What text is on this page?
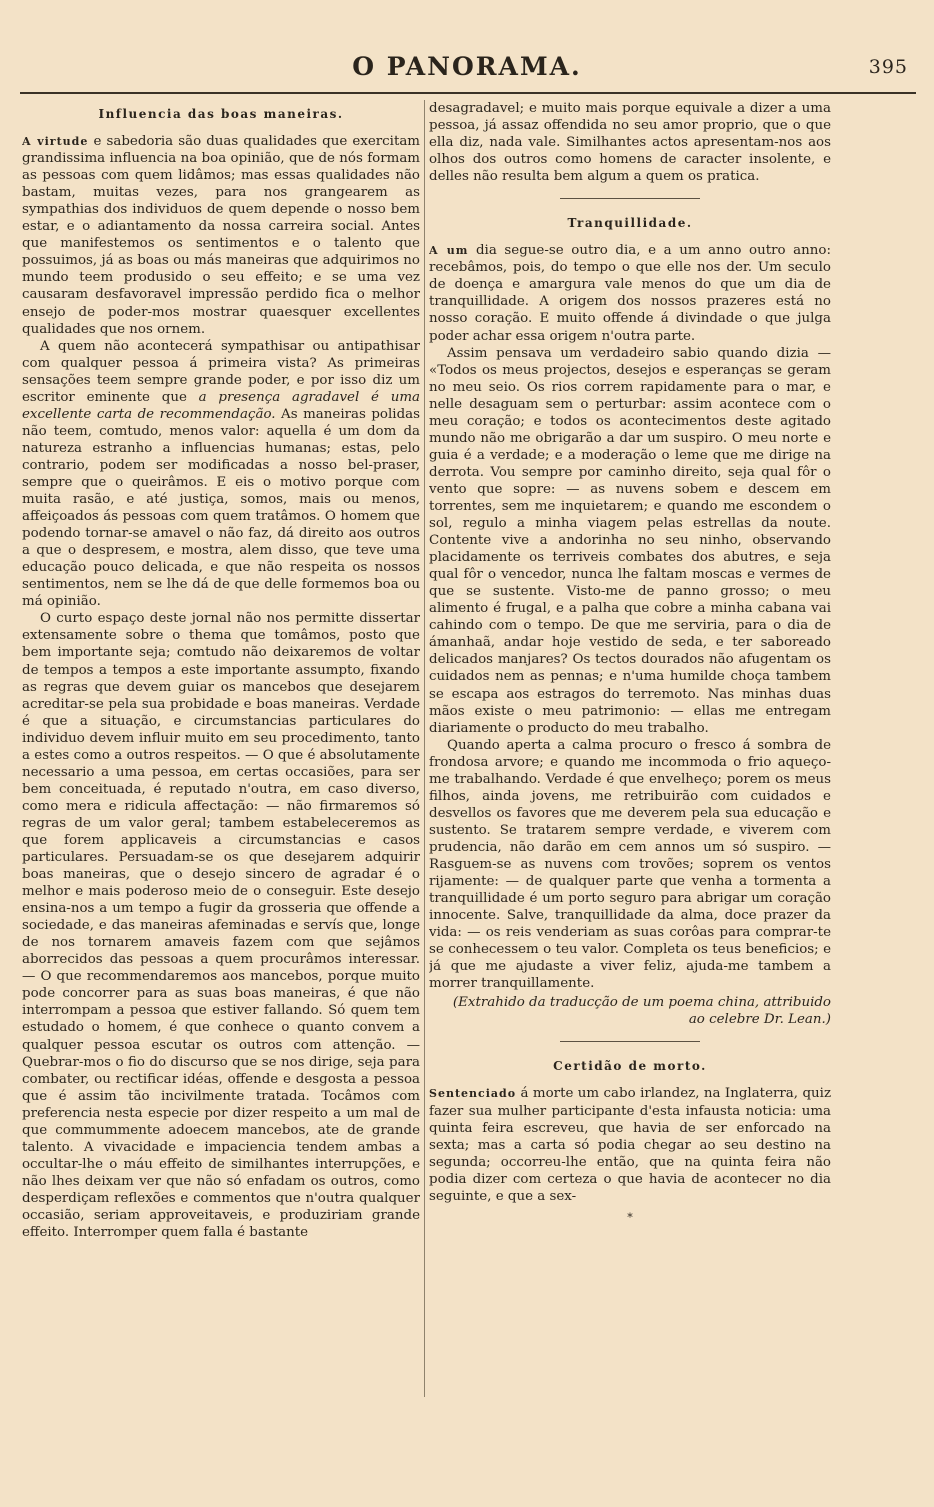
O PANORAMA.	395
Influencia das boas maneiras.

A virtude e sabedoria são duas qualidades que exercitam grandissima influencia na boa opinião, que de nós formam as pessoas com quem lidâmos; mas essas qualidades não bastam, muitas vezes, para nos grangearem as sympathias dos individuos de quem depende o nosso bem estar, e o adiantamento da nossa carreira social. Antes que manifestemos os sentimentos e o talento que possuimos, já as boas ou más maneiras que adquirimos no mundo teem produsido o seu effeito; e se uma vez causaram desfavoravel impressão perdido fica o melhor ensejo de poder-mos mostrar quaesquer excellentes qualidades que nos ornem.

A quem não acontecerá sympathisar ou antipathisar com qualquer pessoa á primeira vista? As primeiras sensações teem sempre grande poder, e por isso diz um escritor eminente que a presença agradavel é uma excellente carta de recommendação. As maneiras polidas não teem, comtudo, menos valor: aquella é um dom da natureza estranho a influencias humanas; estas, pelo contrario, podem ser modificadas a nosso bel-praser, sempre que o queirâmos. E eis o motivo porque com muita rasão, e até justiça, somos, mais ou menos, affeiçoados ás pessoas com quem tratâmos. O homem que podendo tornar-se amavel o não faz, dá direito aos outros a que o despresem, e mostra, alem disso, que teve uma educação pouco delicada, e que não respeita os nossos sentimentos, nem se lhe dá de que delle formemos boa ou má opinião.

O curto espaço deste jornal não nos permitte dissertar extensamente sobre o thema que tomâmos, posto que bem importante seja; comtudo não deixaremos de voltar de tempos a tempos a este importante assumpto, fixando as regras que devem guiar os mancebos que desejarem acreditar-se pela sua probidade e boas maneiras. Verdade é que a situação, e circumstancias particulares do individuo devem influir muito em seu procedimento, tanto a estes como a outros respeitos. — O que é absolutamente necessario a uma pessoa, em certas occasiões, para ser bem conceituada, é reputado n'outra, em caso diverso, como mera e ridicula affectação: — não firmaremos só regras de um valor geral; tambem estabeleceremos as que forem applicaveis a circumstancias e casos particulares. Persuadam-se os que desejarem adquirir boas maneiras, que o desejo sincero de agradar é o melhor e mais poderoso meio de o conseguir. Este desejo ensina-nos a um tempo a fugir da grosseria que offende a sociedade, e das maneiras afeminadas e servís que, longe de nos tornarem amaveis fazem com que sejâmos aborrecidos das pessoas a quem procurâmos interessar. — O que recommendaremos aos mancebos, porque muito pode concorrer para as suas boas maneiras, é que não interrompam a pessoa que estiver fallando. Só quem tem estudado o homem, é que conhece o quanto convem a qualquer pessoa escutar os outros com attenção. — Quebrar-mos o fio do discurso que se nos dirige, seja para combater, ou rectificar idéas, offende e desgosta a pessoa que é assim tão incivilmente tratada. Tocâmos com preferencia nesta especie por dizer respeito a um mal de que commummente adoecem mancebos, ate de grande talento. A vivacidade e impaciencia tendem ambas a occultar-lhe o máu effeito de similhantes interrupções, e não lhes deixam ver que não só enfadam os outros, como desperdiçam reflexões e commentos que n'outra qualquer occasião, seriam approveitaveis, e produziriam grande effeito. Interromper quem falla é bastante

desagradavel; e muito mais porque equivale a dizer a uma pessoa, já assaz offendida no seu amor proprio, que o que ella diz, nada vale. Similhantes actos apresentam-nos aos olhos dos outros como homens de caracter insolente, e delles não resulta bem algum a quem os pratica.

Tranquillidade.

A um dia segue-se outro dia, e a um anno outro anno: recebâmos, pois, do tempo o que elle nos der. Um seculo de doença e amargura vale menos do que um dia de tranquillidade. A origem dos nossos prazeres está no nosso coração. E muito offende á divindade o que julga poder achar essa origem n'outra parte.

Assim pensava um verdadeiro sabio quando dizia — «Todos os meus projectos, desejos e esperanças se geram no meu seio. Os rios correm rapidamente para o mar, e nelle desaguam sem o perturbar: assim acontece com o meu coração; e todos os acontecimentos deste agitado mundo não me obrigarão a dar um suspiro. O meu norte e guia é a verdade; e a moderação o leme que me dirige na derrota. Vou sempre por caminho direito, seja qual fôr o vento que sopre: — as nuvens sobem e descem em torrentes, sem me inquietarem; e quando me escondem o sol, regulo a minha viagem pelas estrellas da noute. Contente vive a andorinha no seu ninho, observando placidamente os terriveis combates dos abutres, e seja qual fôr o vencedor, nunca lhe faltam moscas e vermes de que se sustente. Visto-me de panno grosso; o meu alimento é frugal, e a palha que cobre a minha cabana vai cahindo com o tempo. De que me serviria, para o dia de ámanhaã, andar hoje vestido de seda, e ter saboreado delicados manjares? Os tectos dourados não afugentam os cuidados nem as pennas; e n'uma humilde choça tambem se escapa aos estragos do terremoto. Nas minhas duas mãos existe o meu patrimonio: — ellas me entregam diariamente o producto do meu trabalho.

Quando aperta a calma procuro o fresco á sombra de frondosa arvore; e quando me incommoda o frio aqueço-me trabalhando. Verdade é que envelheço; porem os meus filhos, ainda jovens, me retribuirão com cuidados e desvellos os favores que me deverem pela sua educação e sustento. Se tratarem sempre verdade, e viverem com prudencia, não darão em cem annos um só suspiro. — Rasguem-se as nuvens com trovões; soprem os ventos rijamente: — de qualquer parte que venha a tormenta a tranquillidade é um porto seguro para abrigar um coração innocente. Salve, tranquillidade da alma, doce prazer da vida: — os reis venderiam as suas corôas para comprar-te se conhecessem o teu valor. Completa os teus beneficios; e já que me ajudaste a viver feliz, ajuda-me tambem a morrer tranquillamente.

(Extrahido da traducção de um poema china, attribuido ao celebre Dr. Lean.)

Certidão de morto.

Sentenciado á morte um cabo irlandez, na Inglaterra, quiz fazer sua mulher participante d'esta infausta noticia: uma quinta feira escreveu, que havia de ser enforcado na sexta; mas a carta só podia chegar ao seu destino na segunda; occorreu-lhe então, que na quinta feira não podia dizer com certeza o que havia de acontecer no dia seguinte, e que a sex-

*
